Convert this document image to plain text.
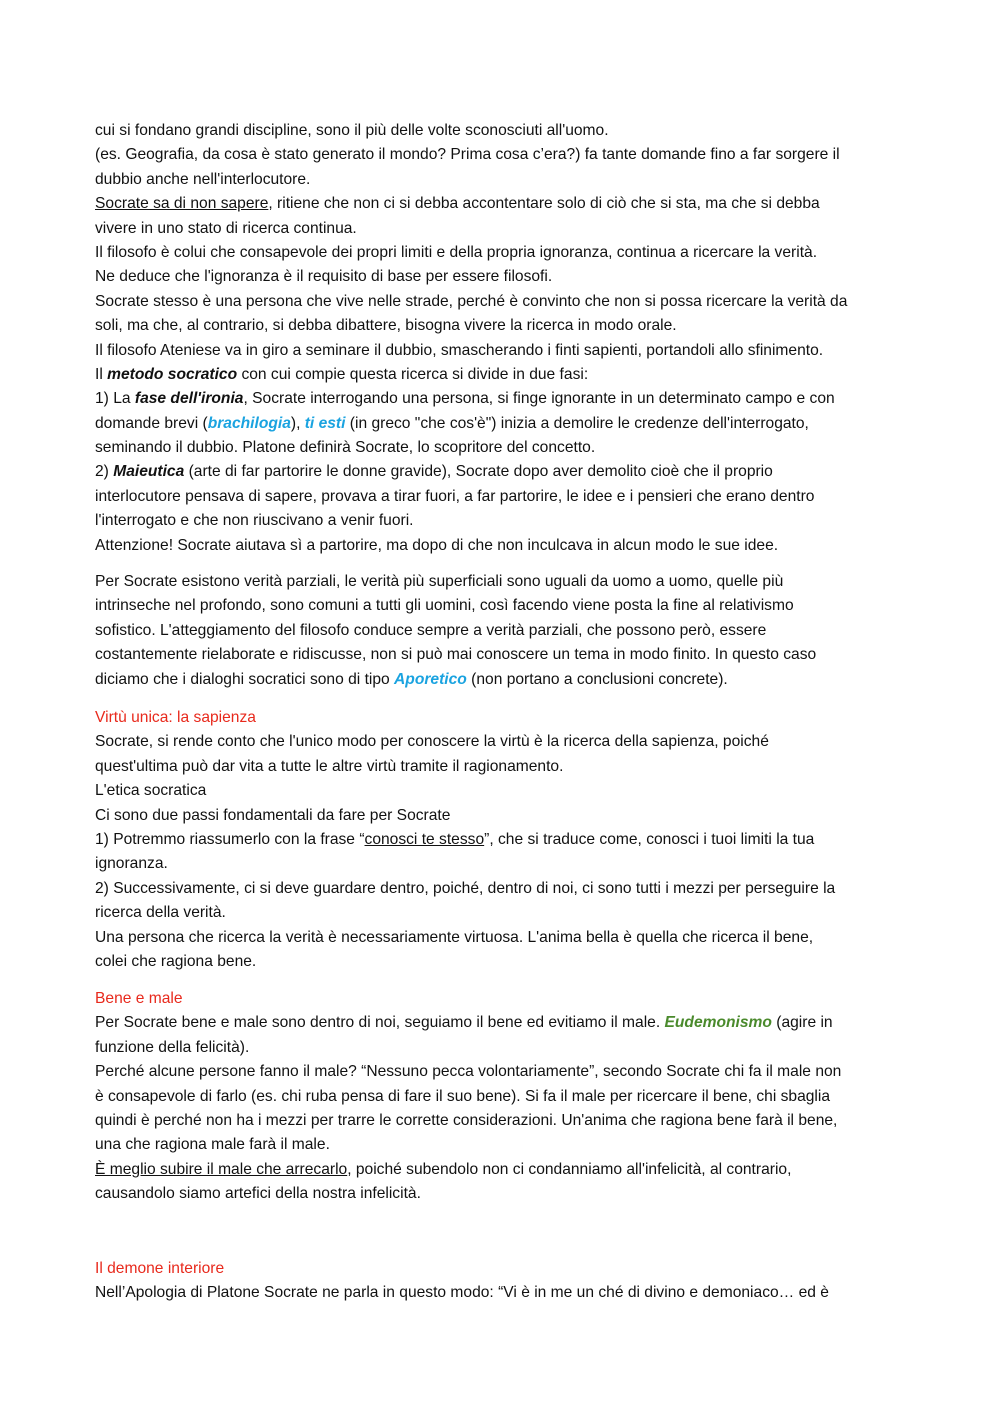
cui si fondano grandi discipline, sono il più delle volte sconosciuti all'uomo.
(es. Geografia, da cosa è stato generato il mondo? Prima cosa c’era?) fa tante domande fino a far sorgere il
dubbio anche nell'interlocutore.
Socrate sa di non sapere, ritiene che non ci si debba accontentare solo di ciò che si sta, ma che si debba
vivere in uno stato di ricerca continua.
Il filosofo è colui che consapevole dei propri limiti e della propria ignoranza, continua a ricercare la verità.
Ne deduce che l'ignoranza è il requisito di base per essere filosofi.
Socrate stesso è una persona che vive nelle strade, perché è convinto che non si possa ricercare la verità da
soli, ma che, al contrario, si debba dibattere, bisogna vivere la ricerca in modo orale.
Il filosofo Ateniese va in giro a seminare il dubbio, smascherando i finti sapienti, portandoli allo sfinimento.
Il metodo socratico con cui compie questa ricerca si divide in due fasi:
1) La fase dell'ironia, Socrate interrogando una persona, si finge ignorante in un determinato campo e con
domande brevi (brachilogia), ti esti (in greco "che cos'è") inizia a demolire le credenze dell'interrogato,
seminando il dubbio. Platone definirà Socrate, lo scopritore del concetto.
2) Maieutica (arte di far partorire le donne gravide), Socrate dopo aver demolito cioè che il proprio
interlocutore pensava di sapere, provava a tirar fuori, a far partorire, le idee e i pensieri che erano dentro
l'interrogato e che non riuscivano a venir fuori.
Attenzione! Socrate aiutava sì a partorire, ma dopo di che non inculcava in alcun modo le sue idee.
Per Socrate esistono verità parziali, le verità più superficiali sono uguali da uomo a uomo, quelle più
intrinseche nel profondo, sono comuni a tutti gli uomini, così facendo viene posta la fine al relativismo
sofistico. L'atteggiamento del filosofo conduce sempre a verità parziali, che possono però, essere
costantemente rielaborate e ridiscusse, non si può mai conoscere un tema in modo finito. In questo caso
diciamo che i dialoghi socratici sono di tipo Aporetico (non portano a conclusioni concrete).
Virtù unica: la sapienza
Socrate, si rende conto che l'unico modo per conoscere la virtù è la ricerca della sapienza, poiché
quest'ultima può dar vita a tutte le altre virtù tramite il ragionamento.
L'etica socratica
Ci sono due passi fondamentali da fare per Socrate
1) Potremmo riassumerlo con la frase “conosci te stesso”, che si traduce come, conosci i tuoi limiti la tua
ignoranza.
2) Successivamente, ci si deve guardare dentro, poiché, dentro di noi, ci sono tutti i mezzi per perseguire la
ricerca della verità.
Una persona che ricerca la verità è necessariamente virtuosa. L'anima bella è quella che ricerca il bene,
colei che ragiona bene.
Bene e male
Per Socrate bene e male sono dentro di noi, seguiamo il bene ed evitiamo il male. Eudemonismo (agire in
funzione della felicità).
Perché alcune persone fanno il male? “Nessuno pecca volontariamente”, secondo Socrate chi fa il male non
è consapevole di farlo (es. chi ruba pensa di fare il suo bene). Si fa il male per ricercare il bene, chi sbaglia
quindi è perché non ha i mezzi per trarre le corrette considerazioni. Un'anima che ragiona bene farà il bene,
una che ragiona male farà il male.
È meglio subire il male che arrecarlo, poiché subendolo non ci condanniamo all'infelicità, al contrario,
causandolo siamo artefici della nostra infelicità.
Il demone interiore
Nell’Apologia di Platone Socrate ne parla in questo modo: “Vi è in me un ché di divino e demoniaco… ed è
